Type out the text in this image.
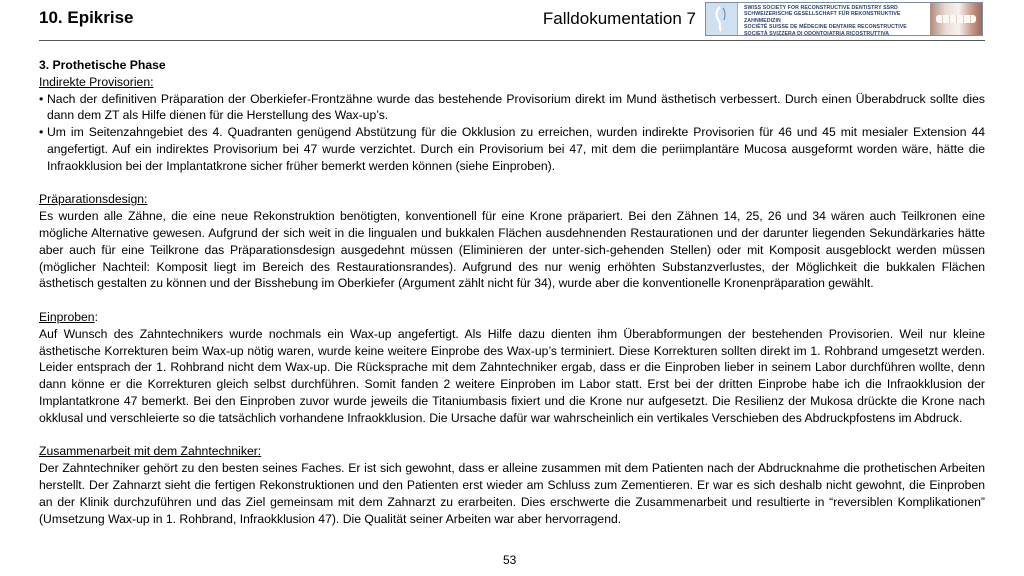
10. Epikrise	Falldokumentation 7
SWISS SOCIETY FOR RECONSTRUCTIVE DENTISTRY SSRD
SCHWEIZERISCHE GESELLSCHAFT FÜR REKONSTRUKTIVE ZAHNMEDIZIN
SOCIÉTÉ SUISSE DE MÉDECINE DENTAIRE RECONSTRUCTIVE
SOCIETÀ SVIZZERA DI ODONTOIATRIA RICOSTRUTTIVA
3. Prothetische Phase
Indirekte Provisorien:
• Nach der definitiven Präparation der Oberkiefer-Frontzähne wurde das bestehende Provisorium direkt im Mund ästhetisch verbessert. Durch einen Überabdruck sollte dies dann dem ZT als Hilfe dienen für die Herstellung des Wax-up’s.
• Um im Seitenzahngebiet des 4. Quadranten genügend Abstützung für die Okklusion zu erreichen, wurden indirekte Provisorien für 46 und 45 mit mesialer Extension 44 angefertigt. Auf ein indirektes Provisorium bei 47 wurde verzichtet. Durch ein Provisorium bei 47, mit dem die periimplantäre Mucosa ausgeformt worden wäre, hätte die Infraokklusion bei der Implantatkrone sicher früher bemerkt werden können (siehe Einproben).
Präparationsdesign:

Es wurden alle Zähne, die eine neue Rekonstruktion benötigten, konventionell für eine Krone präpariert. Bei den Zähnen 14, 25, 26 und 34 wären auch Teilkronen eine mögliche Alternative gewesen. Aufgrund der sich weit in die lingualen und bukkalen Flächen ausdehnenden Restaurationen und der darunter liegenden Sekundärkaries hätte aber auch für eine Teilkrone das Präparationsdesign ausgedehnt müssen (Eliminieren der unter-sich-gehenden Stellen) oder mit Komposit ausgeblockt werden müssen (möglicher Nachteil: Komposit liegt im Bereich des Restaurationsrandes). Aufgrund des nur wenig erhöhten Substanzverlustes, der Möglichkeit die bukkalen Flächen ästhetisch gestalten zu können und der Bisshebung im Oberkiefer (Argument zählt nicht für 34), wurde aber die konventionelle Kronenpräparation gewählt.

Einproben:

Auf Wunsch des Zahntechnikers wurde nochmals ein Wax-up angefertigt. Als Hilfe dazu dienten ihm Überabformungen der bestehenden Provisorien. Weil nur kleine ästhetische Korrekturen beim Wax-up nötig waren, wurde keine weitere Einprobe des Wax-up’s terminiert. Diese Korrekturen sollten direkt im 1. Rohbrand umgesetzt werden. Leider entsprach der 1. Rohbrand nicht dem Wax-up. Die Rücksprache mit dem Zahntechniker ergab, dass er die Einproben lieber in seinem Labor durchführen wollte, denn dann könne er die Korrekturen gleich selbst durchführen. Somit fanden 2 weitere Einproben im Labor statt. Erst bei der dritten Einprobe habe ich die Infraokklusion der Implantatkrone 47 bemerkt. Bei den Einproben zuvor wurde jeweils die Titaniumbasis fixiert und die Krone nur aufgesetzt. Die Resilienz der Mukosa drückte die Krone nach okklusal und verschleierte so die tatsächlich vorhandene Infraokklusion. Die Ursache dafür war wahrscheinlich ein vertikales Verschieben des Abdruckpfostens im Abdruck.

Zusammenarbeit mit dem Zahntechniker:

Der Zahntechniker gehört zu den besten seines Faches. Er ist sich gewohnt, dass er alleine zusammen mit dem Patienten nach der Abdrucknahme die prothetischen Arbeiten herstellt. Der Zahnarzt sieht die fertigen Rekonstruktionen und den Patienten erst wieder am Schluss zum Zementieren. Er war es sich deshalb nicht gewohnt, die Einproben an der Klinik durchzuführen und das Ziel gemeinsam mit dem Zahnarzt zu erarbeiten. Dies erschwerte die Zusammenarbeit und resultierte in “reversiblen Komplikationen” (Umsetzung Wax-up in 1. Rohbrand, Infraokklusion 47). Die Qualität seiner Arbeiten war aber hervorragend.

53
